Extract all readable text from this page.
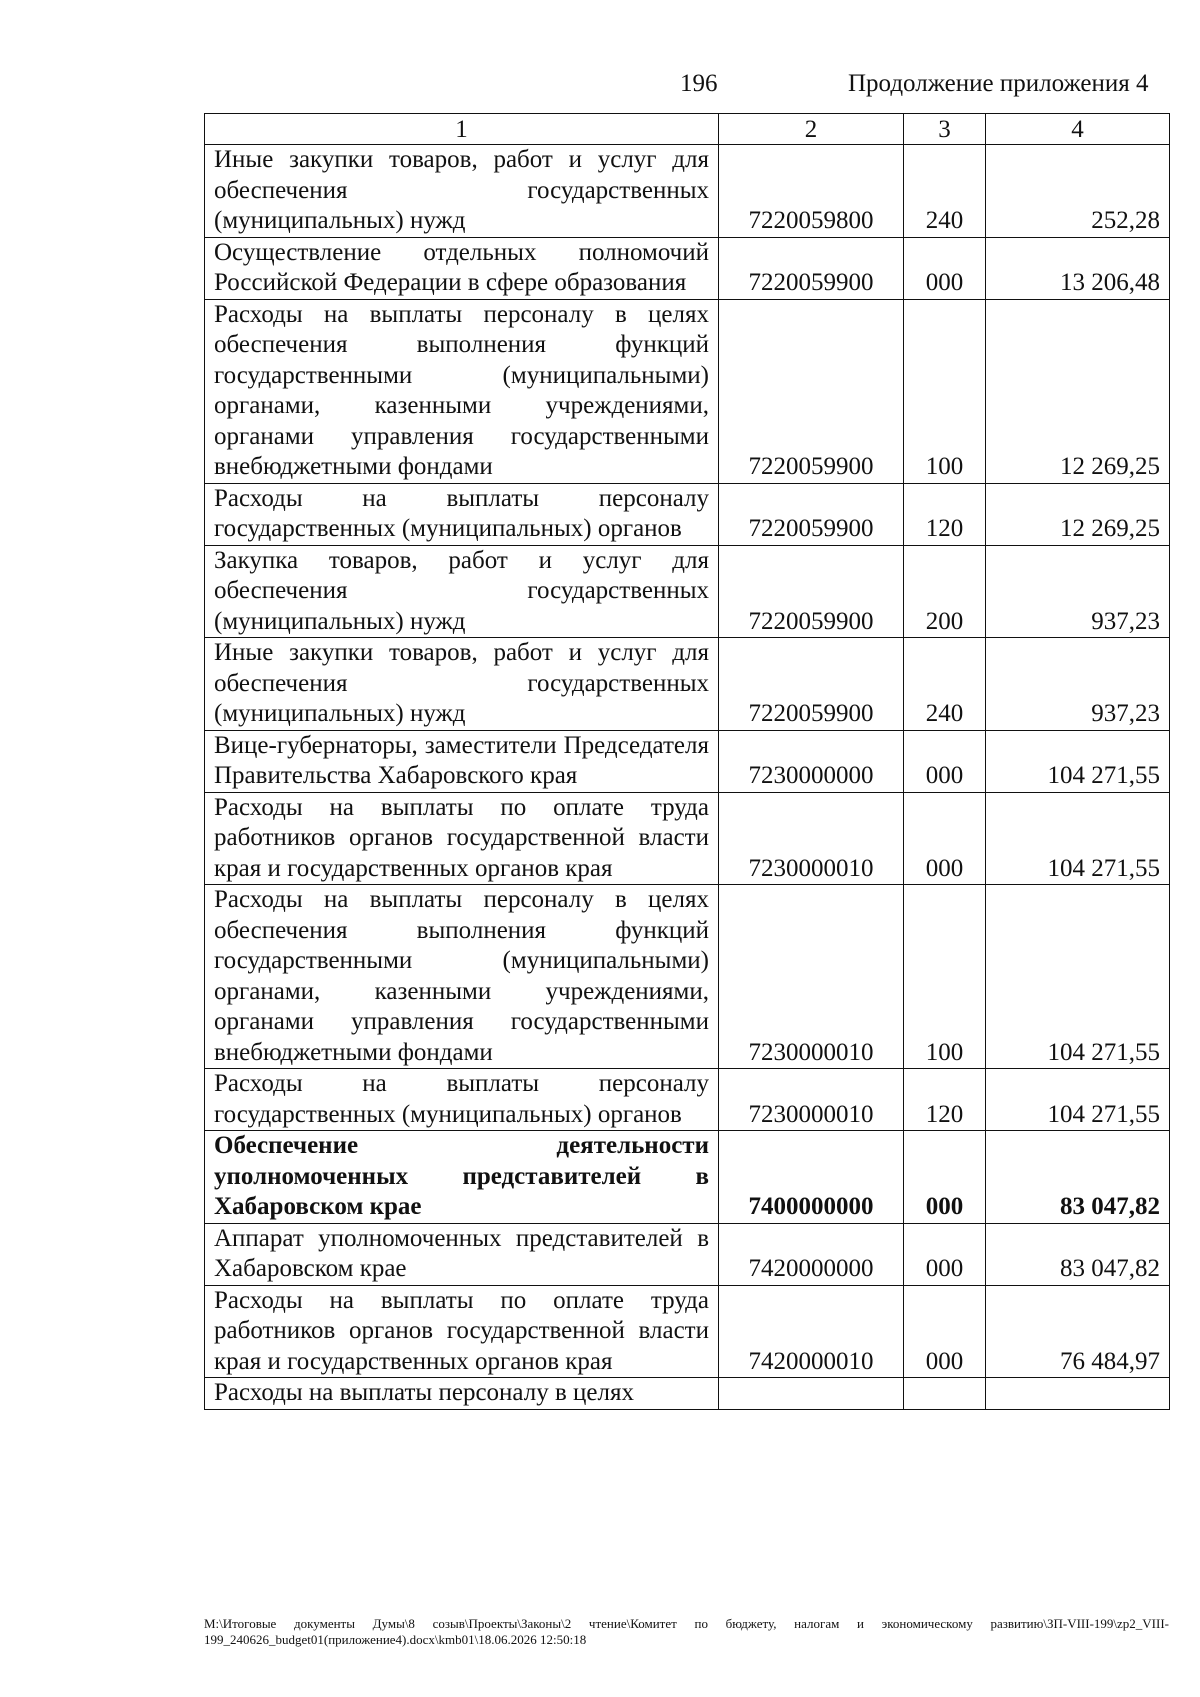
196	Продолжение приложения 4
1	2	3	4
Иные закупки товаров, работ и услуг для обеспечения государственных (муниципальных) нужд	7220059800	240	252,28
Осуществление отдельных полномочий Российской Федерации в сфере образования	7220059900	000	13 206,48
Расходы на выплаты персоналу в целях обеспечения выполнения функций государственными (муниципальными) органами, казенными учреждениями, органами управления государственными внебюджетными фондами	7220059900	100	12 269,25
Расходы на выплаты персоналу государственных (муниципальных) органов	7220059900	120	12 269,25
Закупка товаров, работ и услуг для обеспечения государственных (муниципальных) нужд	7220059900	200	937,23
Иные закупки товаров, работ и услуг для обеспечения государственных (муниципальных) нужд	7220059900	240	937,23
Вице-губернаторы, заместители Председателя Правительства Хабаровского края	7230000000	000	104 271,55
Расходы на выплаты по оплате труда работников органов государственной власти края и государственных органов края	7230000010	000	104 271,55
Расходы на выплаты персоналу в целях обеспечения выполнения функций государственными (муниципальными) органами, казенными учреждениями, органами управления государственными внебюджетными фондами	7230000010	100	104 271,55
Расходы на выплаты персоналу государственных (муниципальных) органов	7230000010	120	104 271,55
Обеспечение деятельности уполномоченных представителей в Хабаровском крае	7400000000	000	83 047,82
Аппарат уполномоченных представителей в Хабаровском крае	7420000000	000	83 047,82
Расходы на выплаты по оплате труда работников органов государственной власти края и государственных органов края	7420000010	000	76 484,97
Расходы на выплаты персоналу в целях			
M:\Итоговые документы Думы\8 созыв\Проекты\Законы\2 чтение\Комитет по бюджету, налогам и экономическому развитию\ЗП-VIII-199\zp2_VIII-199_240626_budget01(приложение4).docx\kmb01\18.06.2026 12:50:18
